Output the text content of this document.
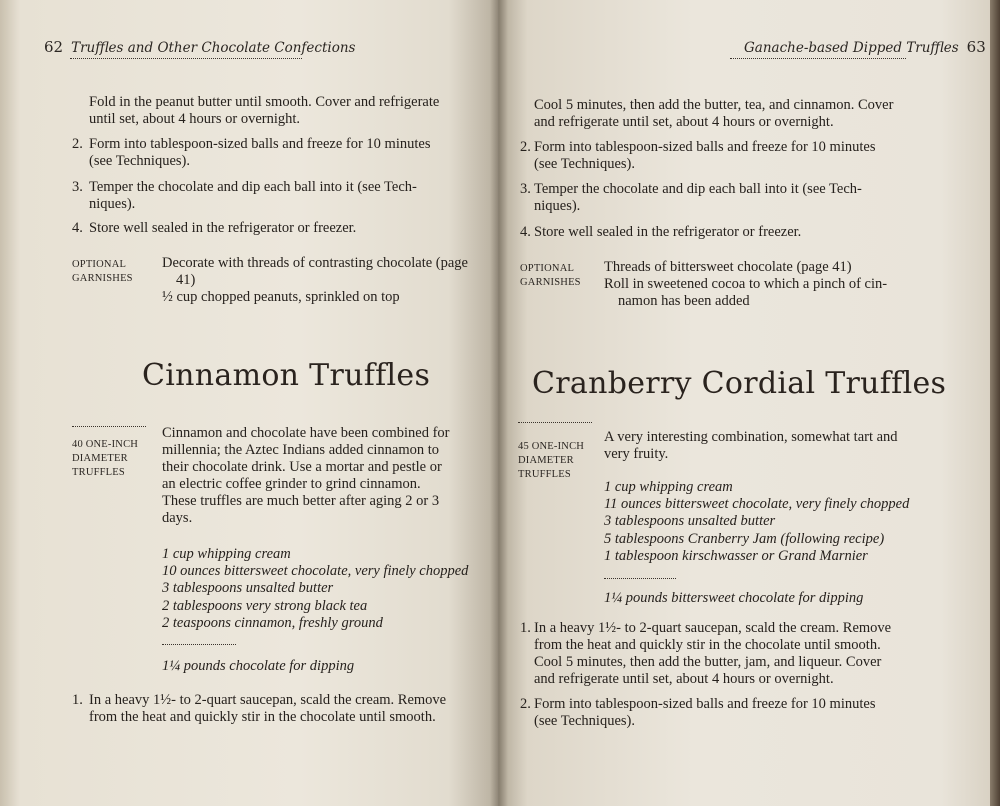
62 Truffles and Other Chocolate Confections

Fold in the peanut butter until smooth. Cover and refrigerate

until set, about 4 hours or overnight.

2. Form into tablespoon-sized balls and freeze for 10 minutes
(see Techniques).
3. Temper the chocolate and dip each ball into it (see Tech-
niques).
4. Store well sealed in the refrigerator or freezer.
OPTIONAL
GARNISHES
Decorate with threads of contrasting chocolate (page
41)
½ cup chopped peanuts, sprinkled on top
Cinnamon Truffles
40 ONE-INCH
DIAMETER
TRUFFLES

Cinnamon and chocolate have been combined for

millennia; the Aztec Indians added cinnamon to

their chocolate drink. Use a mortar and pestle or

an electric coffee grinder to grind cinnamon.

These truffles are much better after aging 2 or 3

days.

1 cup whipping cream
10 ounces bittersweet chocolate, very finely chopped
3 tablespoons unsalted butter
2 tablespoons very strong black tea
2 teaspoons cinnamon, freshly ground
1¼ pounds chocolate for dipping
1. In a heavy 1½- to 2-quart saucepan, scald the cream. Remove
from the heat and quickly stir in the chocolate until smooth.
Ganache-based Dipped Truffles 63

Cool 5 minutes, then add the butter, tea, and cinnamon. Cover

and refrigerate until set, about 4 hours or overnight.

2. Form into tablespoon-sized balls and freeze for 10 minutes
(see Techniques).
3. Temper the chocolate and dip each ball into it (see Tech-
niques).
4. Store well sealed in the refrigerator or freezer.
OPTIONAL
GARNISHES
Threads of bittersweet chocolate (page 41)
Roll in sweetened cocoa to which a pinch of cin-
namon has been added
Cranberry Cordial Truffles
45 ONE-INCH
DIAMETER
TRUFFLES

A very interesting combination, somewhat tart and

very fruity.

1 cup whipping cream
11 ounces bittersweet chocolate, very finely chopped
3 tablespoons unsalted butter
5 tablespoons Cranberry Jam (following recipe)
1 tablespoon kirschwasser or Grand Marnier
1¼ pounds bittersweet chocolate for dipping
1. In a heavy 1½- to 2-quart saucepan, scald the cream. Remove
from the heat and quickly stir in the chocolate until smooth.
Cool 5 minutes, then add the butter, jam, and liqueur. Cover
and refrigerate until set, about 4 hours or overnight.
2. Form into tablespoon-sized balls and freeze for 10 minutes
(see Techniques).
